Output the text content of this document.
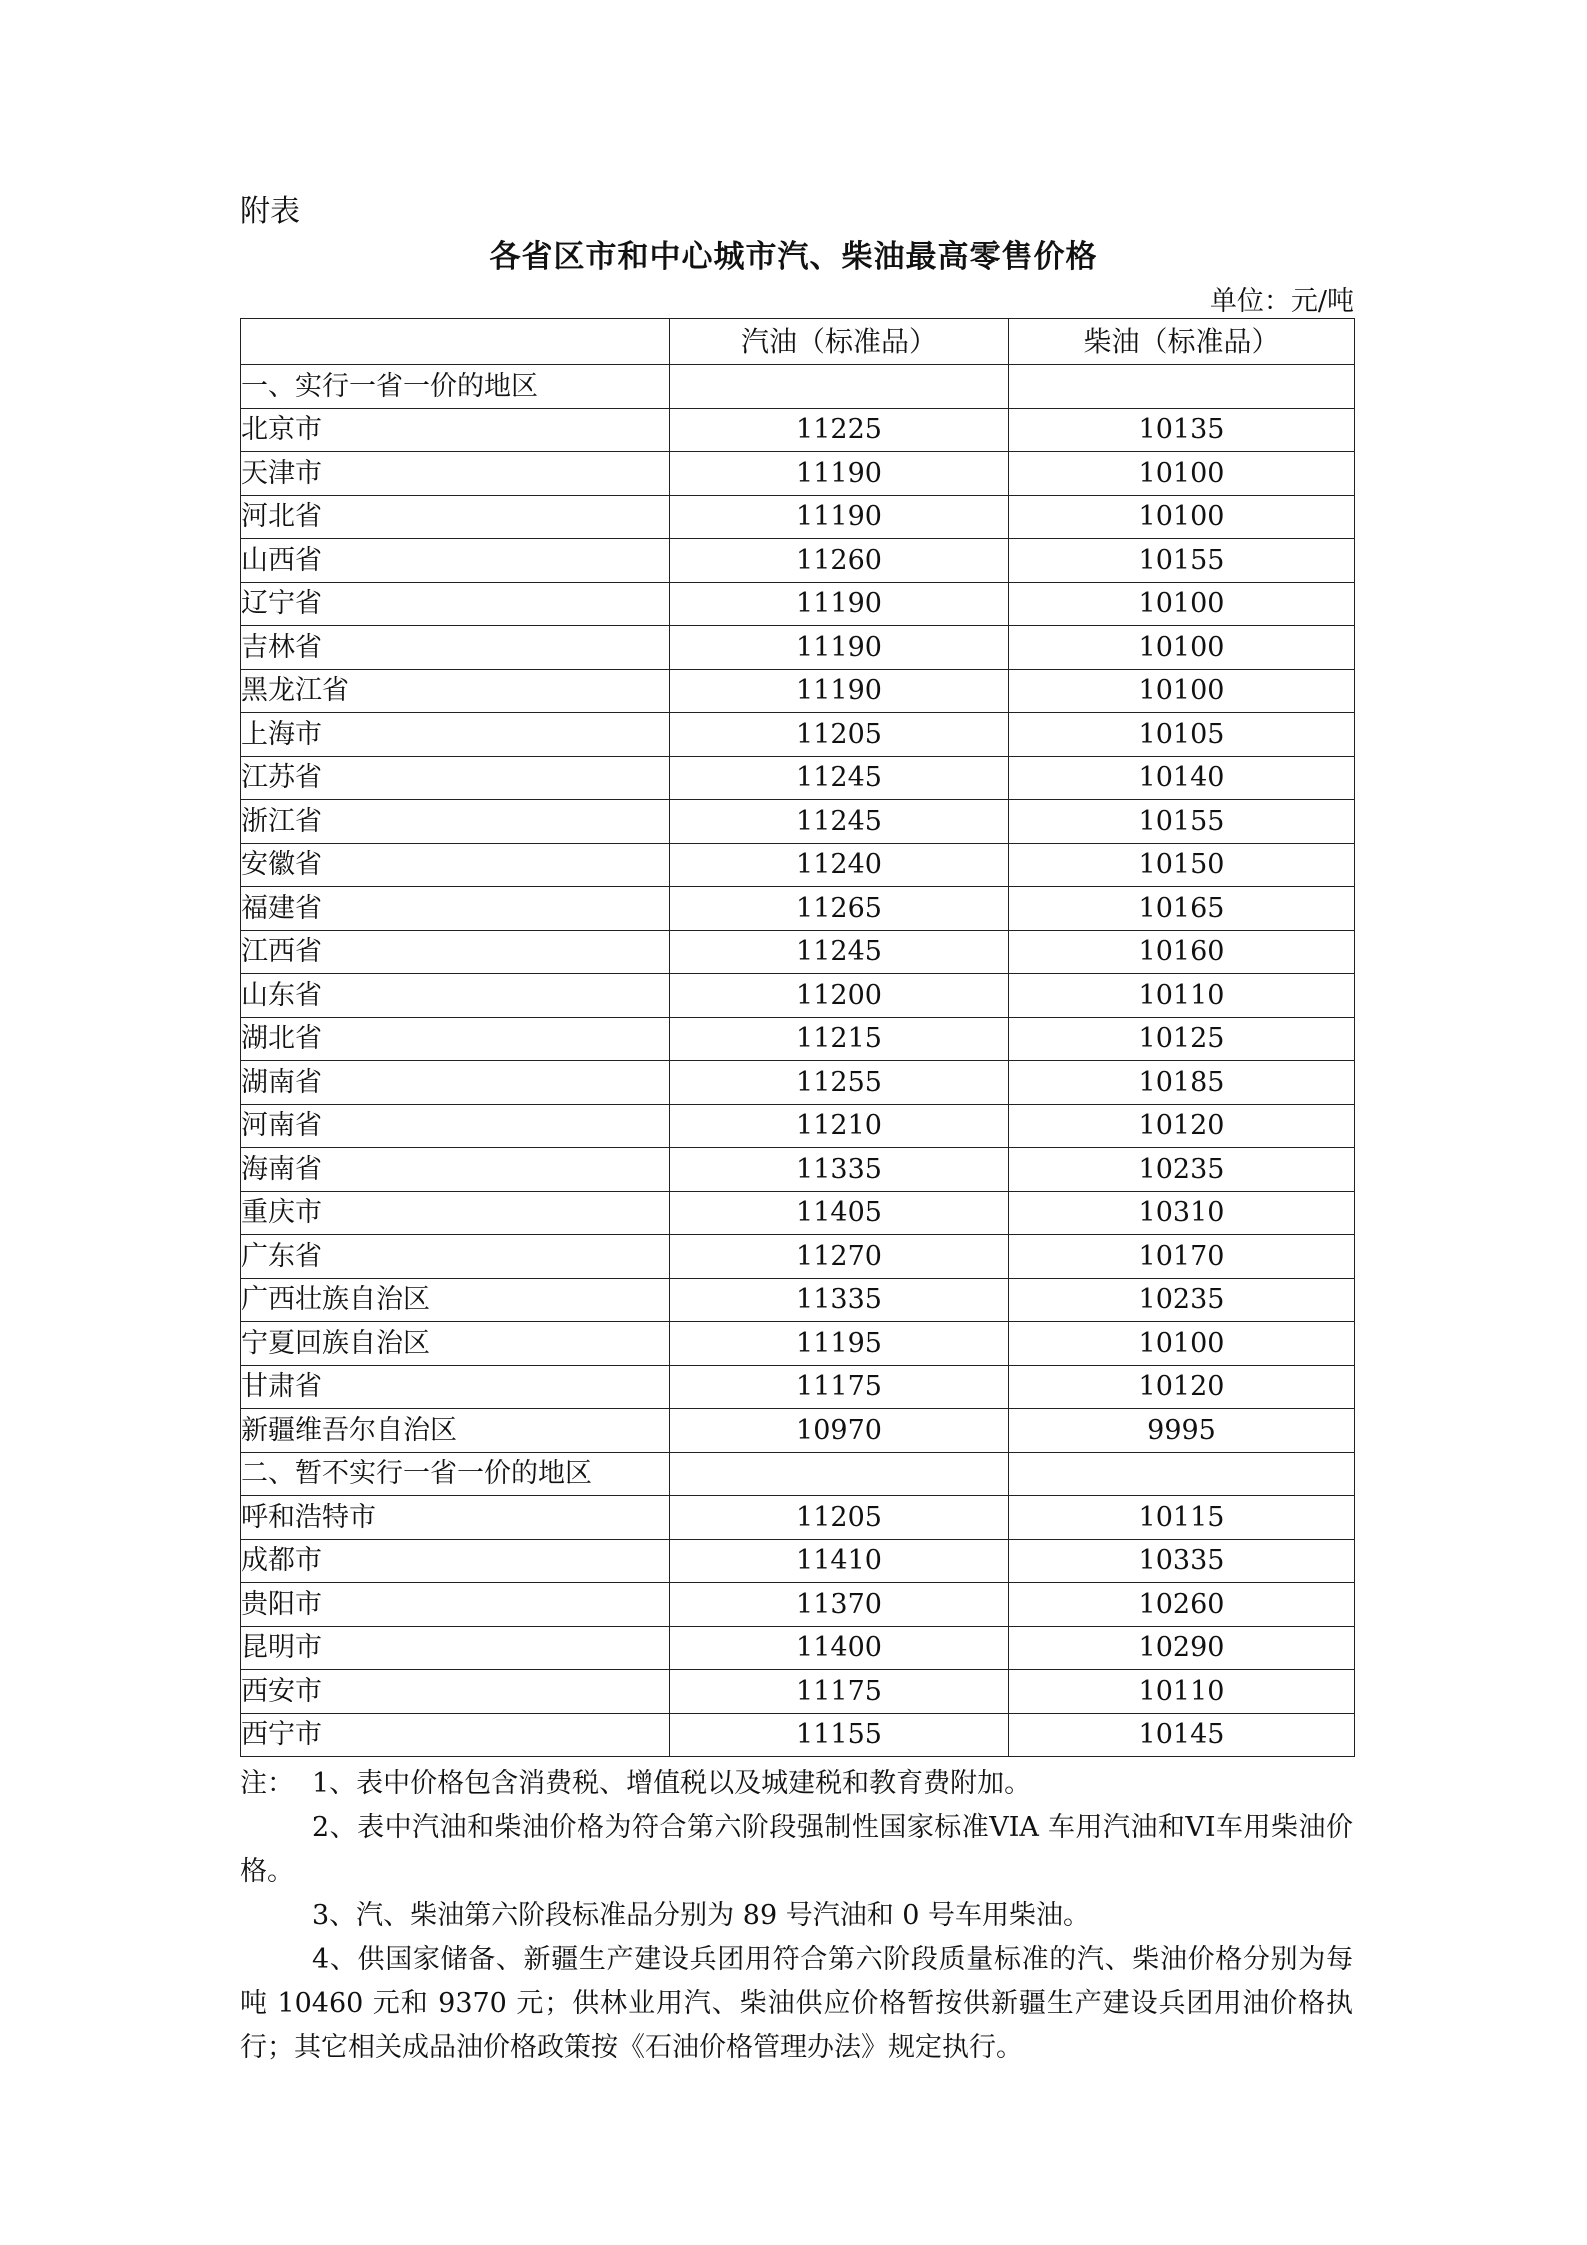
附表
各省区市和中心城市汽、柴油最高零售价格
单位：元/吨
	汽油（标准品）	柴油（标准品）
一、实行一省一价的地区		
北京市	11225	10135
天津市	11190	10100
河北省	11190	10100
山西省	11260	10155
辽宁省	11190	10100
吉林省	11190	10100
黑龙江省	11190	10100
上海市	11205	10105
江苏省	11245	10140
浙江省	11245	10155
安徽省	11240	10150
福建省	11265	10165
江西省	11245	10160
山东省	11200	10110
湖北省	11215	10125
湖南省	11255	10185
河南省	11210	10120
海南省	11335	10235
重庆市	11405	10310
广东省	11270	10170
广西壮族自治区	11335	10235
宁夏回族自治区	11195	10100
甘肃省	11175	10120
新疆维吾尔自治区	10970	9995
二、暂不实行一省一价的地区		
呼和浩特市	11205	10115
成都市	11410	10335
贵阳市	11370	10260
昆明市	11400	10290
西安市	11175	10110
西宁市	11155	10145
注： 1、表中价格包含消费税、增值税以及城建税和教育费附加。

2、表中汽油和柴油价格为符合第六阶段强制性国家标准VIA 车用汽油和VI车用柴油价格。

3、汽、柴油第六阶段标准品分别为 89 号汽油和 0 号车用柴油。

4、供国家储备、新疆生产建设兵团用符合第六阶段质量标准的汽、柴油价格分别为每吨 10460 元和 9370 元；供林业用汽、柴油供应价格暂按供新疆生产建设兵团用油价格执行；其它相关成品油价格政策按《石油价格管理办法》规定执行。
